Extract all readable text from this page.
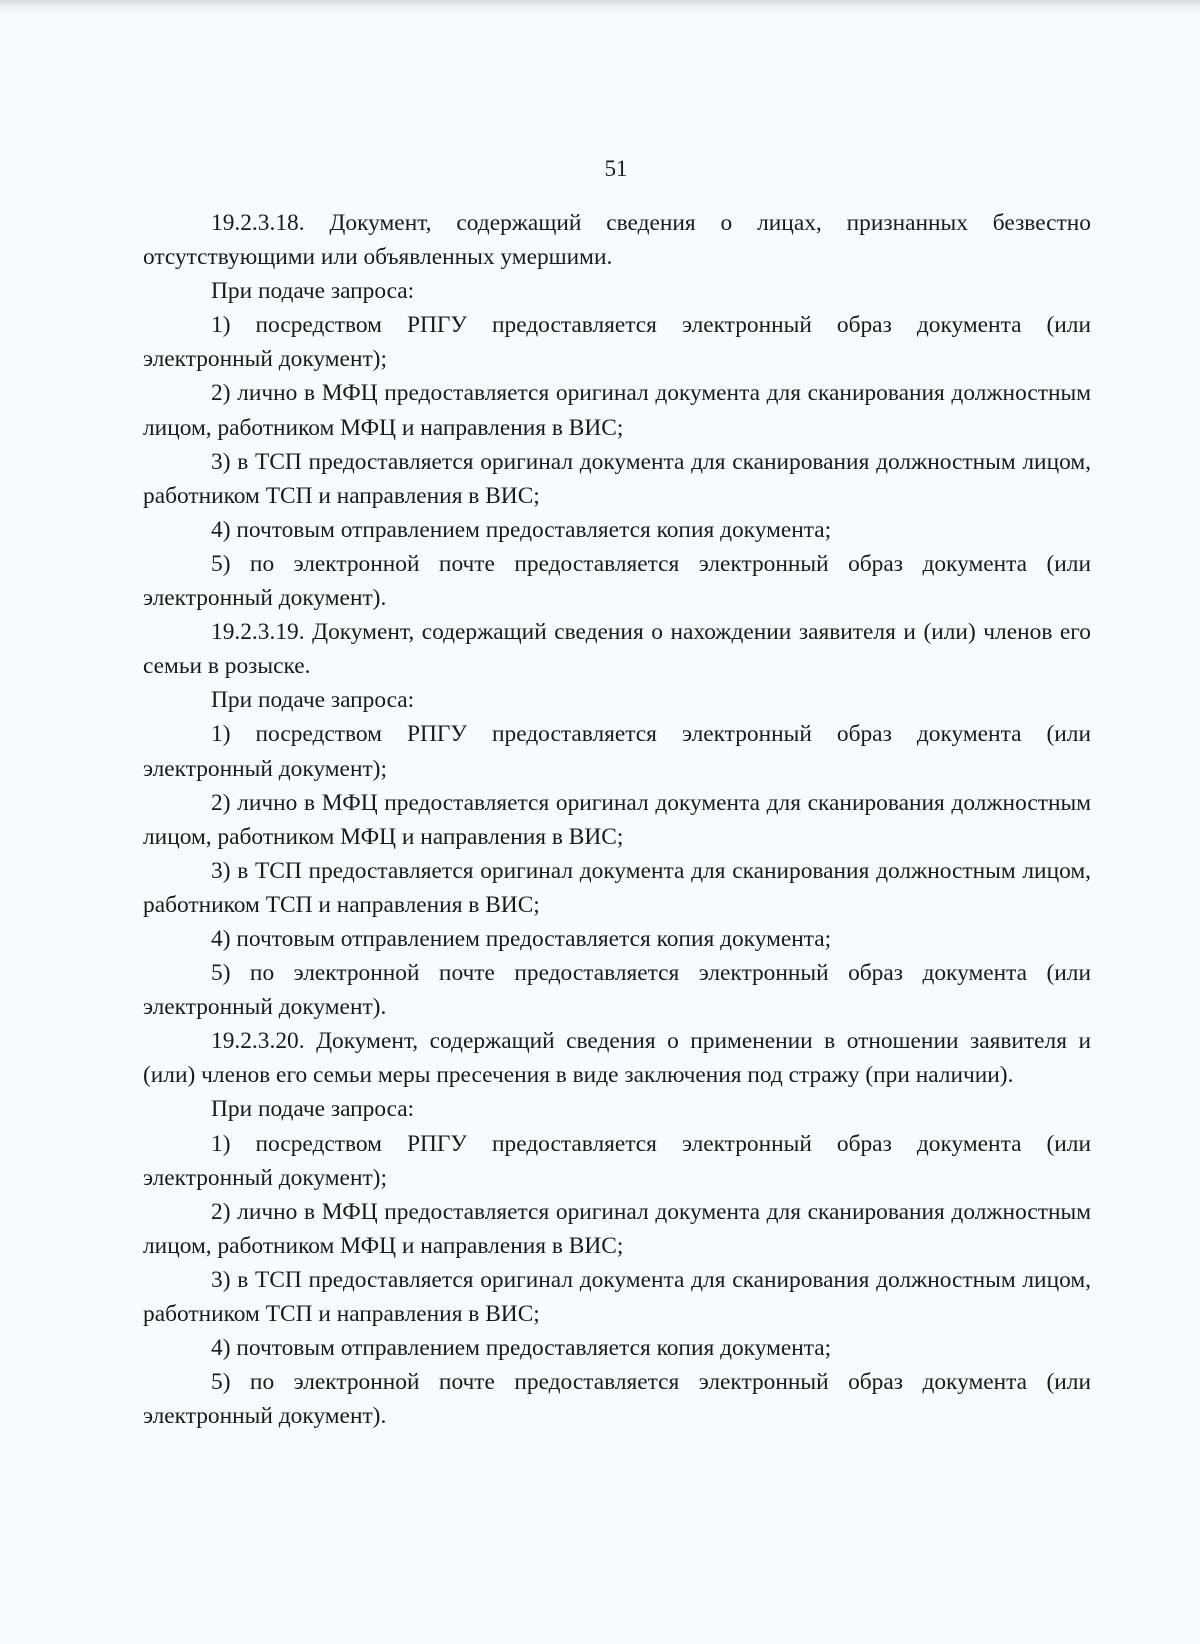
51

19.2.3.18. Документ, содержащий сведения о лицах, признанных безвестно отсутствующими или объявленных умершими.

При подаче запроса:

1) посредством РПГУ предоставляется электронный образ документа (или электронный документ);

2) лично в МФЦ предоставляется оригинал документа для сканирования должностным лицом, работником МФЦ и направления в ВИС;

3) в ТСП предоставляется оригинал документа для сканирования должностным лицом, работником ТСП и направления в ВИС;

4) почтовым отправлением предоставляется копия документа;

5) по электронной почте предоставляется электронный образ документа (или электронный документ).

19.2.3.19. Документ, содержащий сведения о нахождении заявителя и (или) членов его семьи в розыске.

При подаче запроса:

1) посредством РПГУ предоставляется электронный образ документа (или электронный документ);

2) лично в МФЦ предоставляется оригинал документа для сканирования должностным лицом, работником МФЦ и направления в ВИС;

3) в ТСП предоставляется оригинал документа для сканирования должностным лицом, работником ТСП и направления в ВИС;

4) почтовым отправлением предоставляется копия документа;

5) по электронной почте предоставляется электронный образ документа (или электронный документ).

19.2.3.20. Документ, содержащий сведения о применении в отношении заявителя и (или) членов его семьи меры пресечения в виде заключения под стражу (при наличии).

При подаче запроса:

1) посредством РПГУ предоставляется электронный образ документа (или электронный документ);

2) лично в МФЦ предоставляется оригинал документа для сканирования должностным лицом, работником МФЦ и направления в ВИС;

3) в ТСП предоставляется оригинал документа для сканирования должностным лицом, работником ТСП и направления в ВИС;

4) почтовым отправлением предоставляется копия документа;

5) по электронной почте предоставляется электронный образ документа (или электронный документ).
